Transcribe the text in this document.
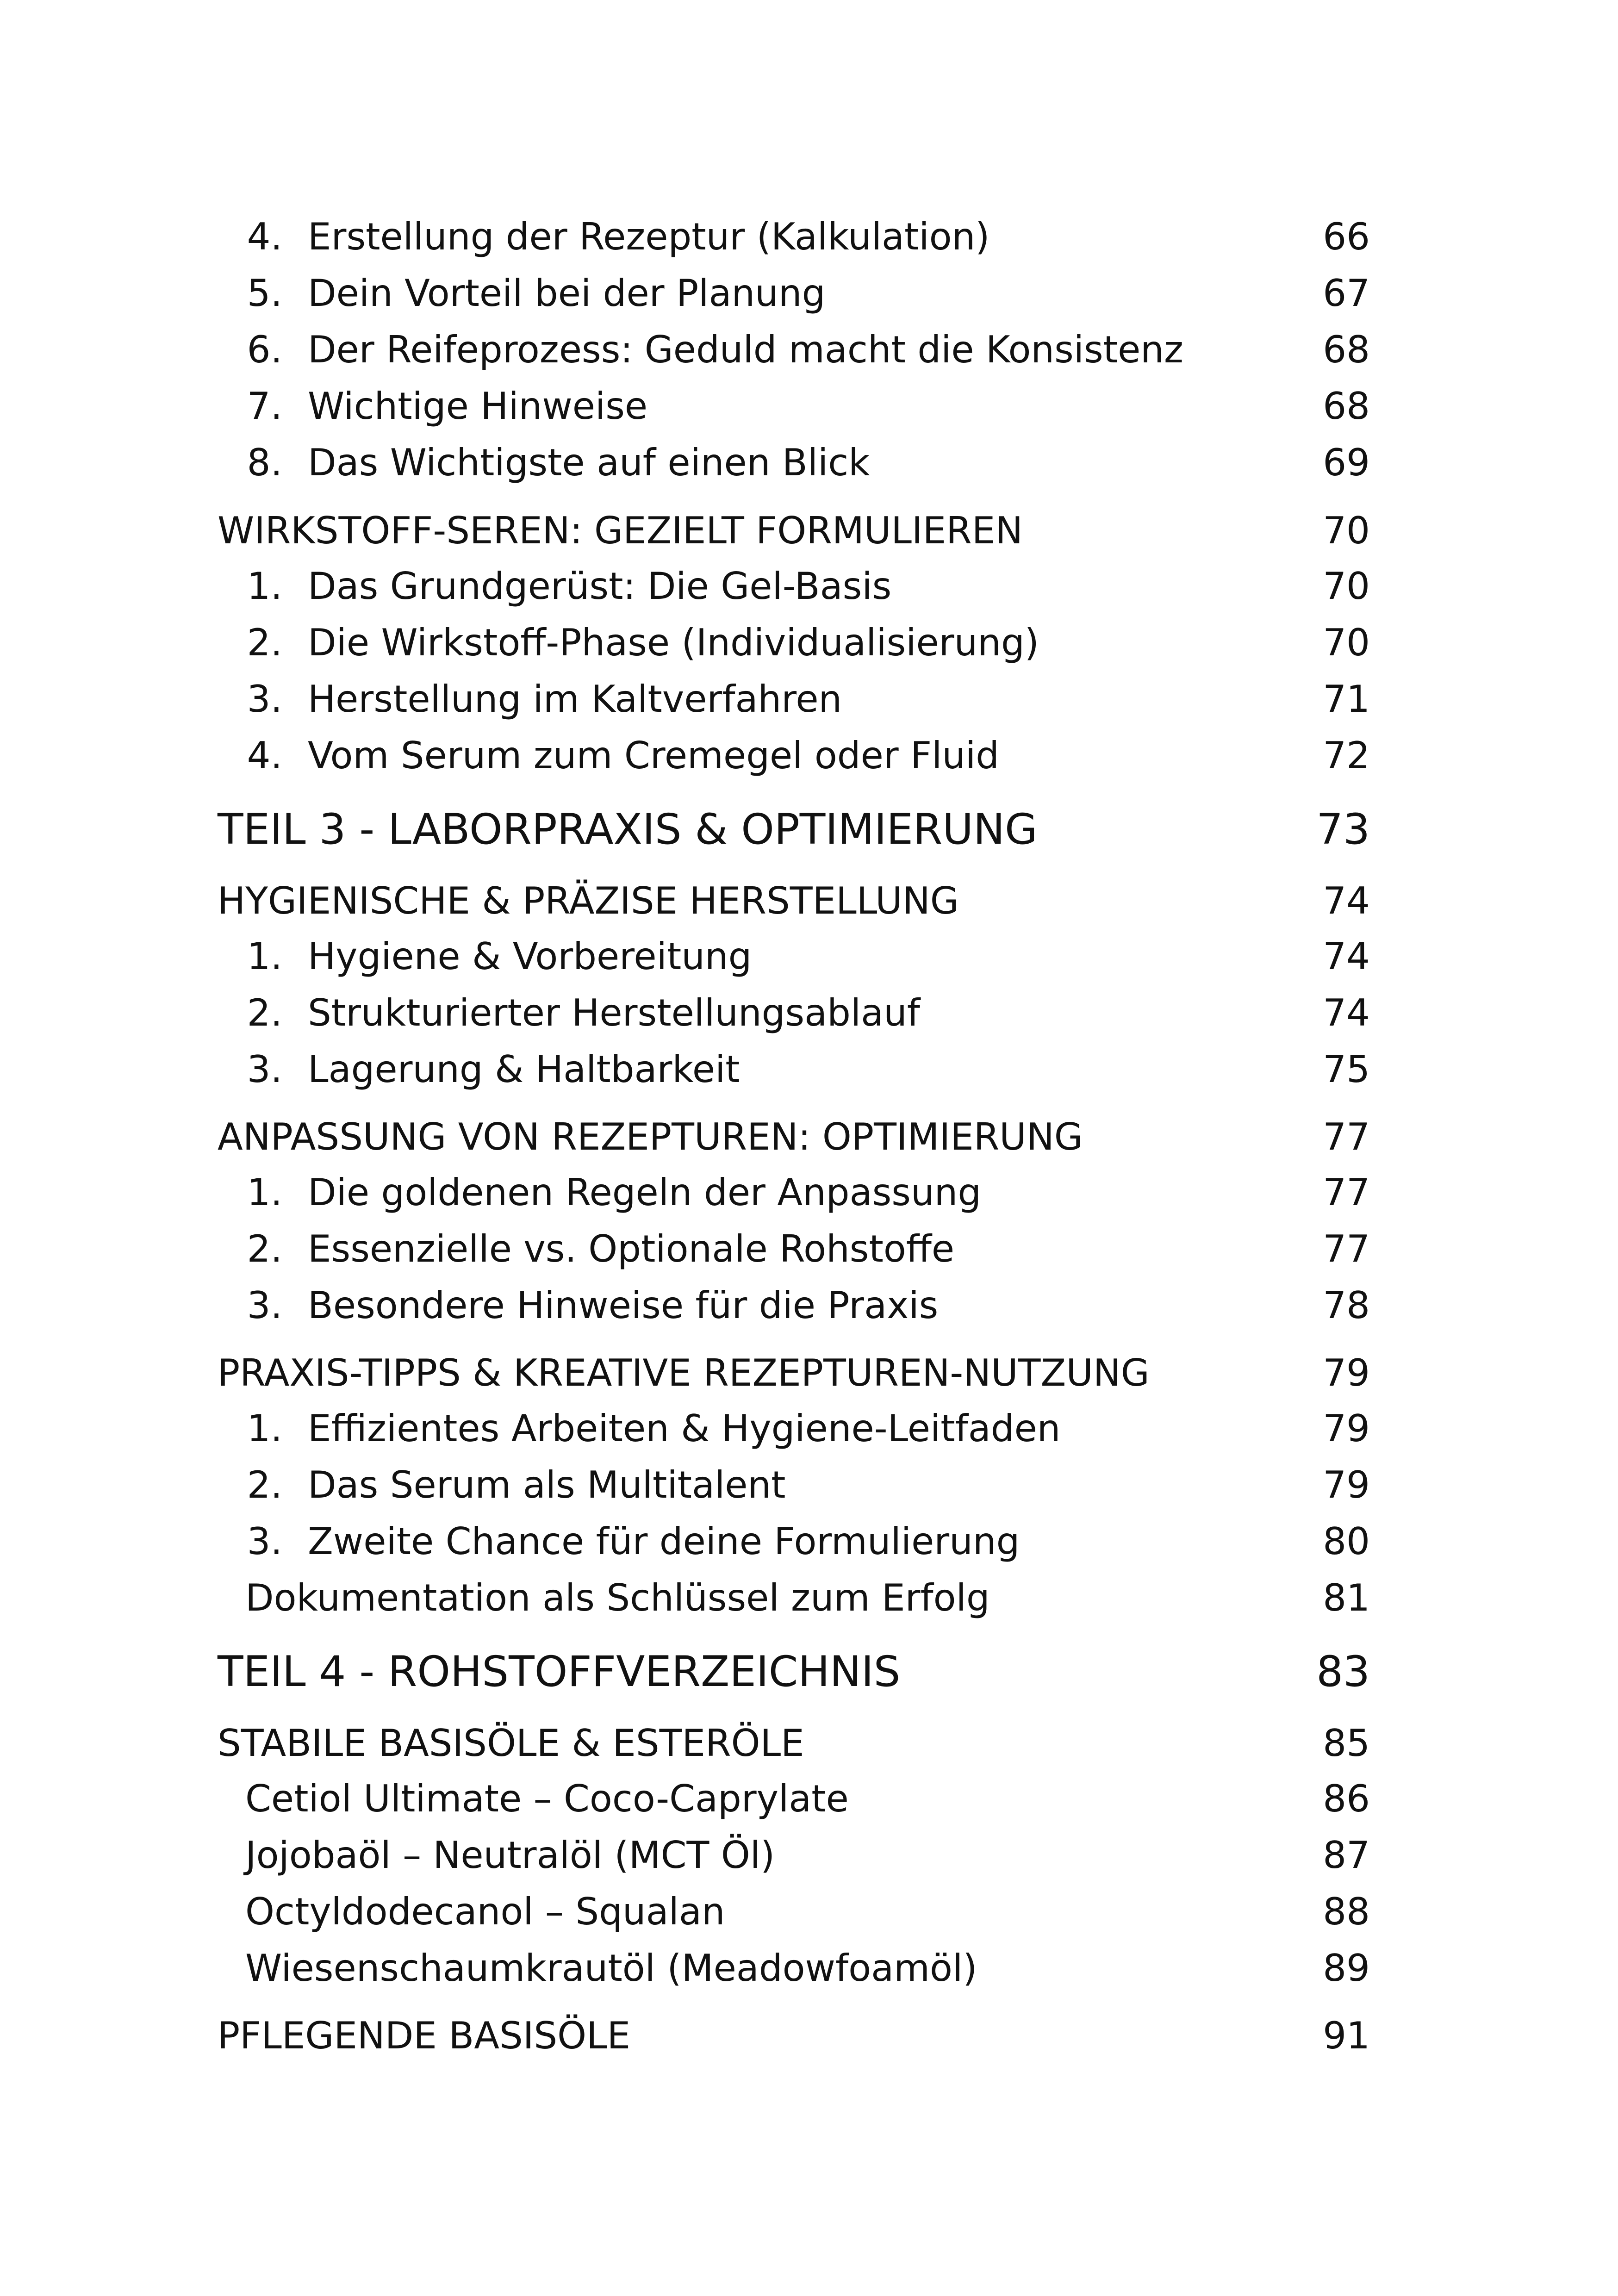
4. Erstellung der Rezeptur (Kalkulation)	66
5. Dein Vorteil bei der Planung	67
6. Der Reifeprozess: Geduld macht die Konsistenz	68
7. Wichtige Hinweise	68
8. Das Wichtigste auf einen Blick	69
WIRKSTOFF-SEREN: GEZIELT FORMULIEREN	70
1. Das Grundgerüst: Die Gel-Basis	70
2. Die Wirkstoff-Phase (Individualisierung)	70
3. Herstellung im Kaltverfahren	71
4. Vom Serum zum Cremegel oder Fluid	72
TEIL 3 - LABORPRAXIS & OPTIMIERUNG	73
HYGIENISCHE & PRÄZISE HERSTELLUNG	74
1. Hygiene & Vorbereitung	74
2. Strukturierter Herstellungsablauf	74
3. Lagerung & Haltbarkeit	75
ANPASSUNG VON REZEPTUREN: OPTIMIERUNG	77
1. Die goldenen Regeln der Anpassung	77
2. Essenzielle vs. Optionale Rohstoffe	77
3. Besondere Hinweise für die Praxis	78
PRAXIS-TIPPS & KREATIVE REZEPTUREN-NUTZUNG	79
1. Effizientes Arbeiten & Hygiene-Leitfaden	79
2. Das Serum als Multitalent	79
3. Zweite Chance für deine Formulierung	80
Dokumentation als Schlüssel zum Erfolg	81
TEIL 4 - ROHSTOFFVERZEICHNIS	83
STABILE BASISÖLE & ESTERÖLE	85
Cetiol Ultimate – Coco-Caprylate	86
Jojobaöl – Neutralöl (MCT Öl)	87
Octyldodecanol – Squalan	88
Wiesenschaumkrautöl (Meadowfoamöl)	89
PFLEGENDE BASISÖLE	91
